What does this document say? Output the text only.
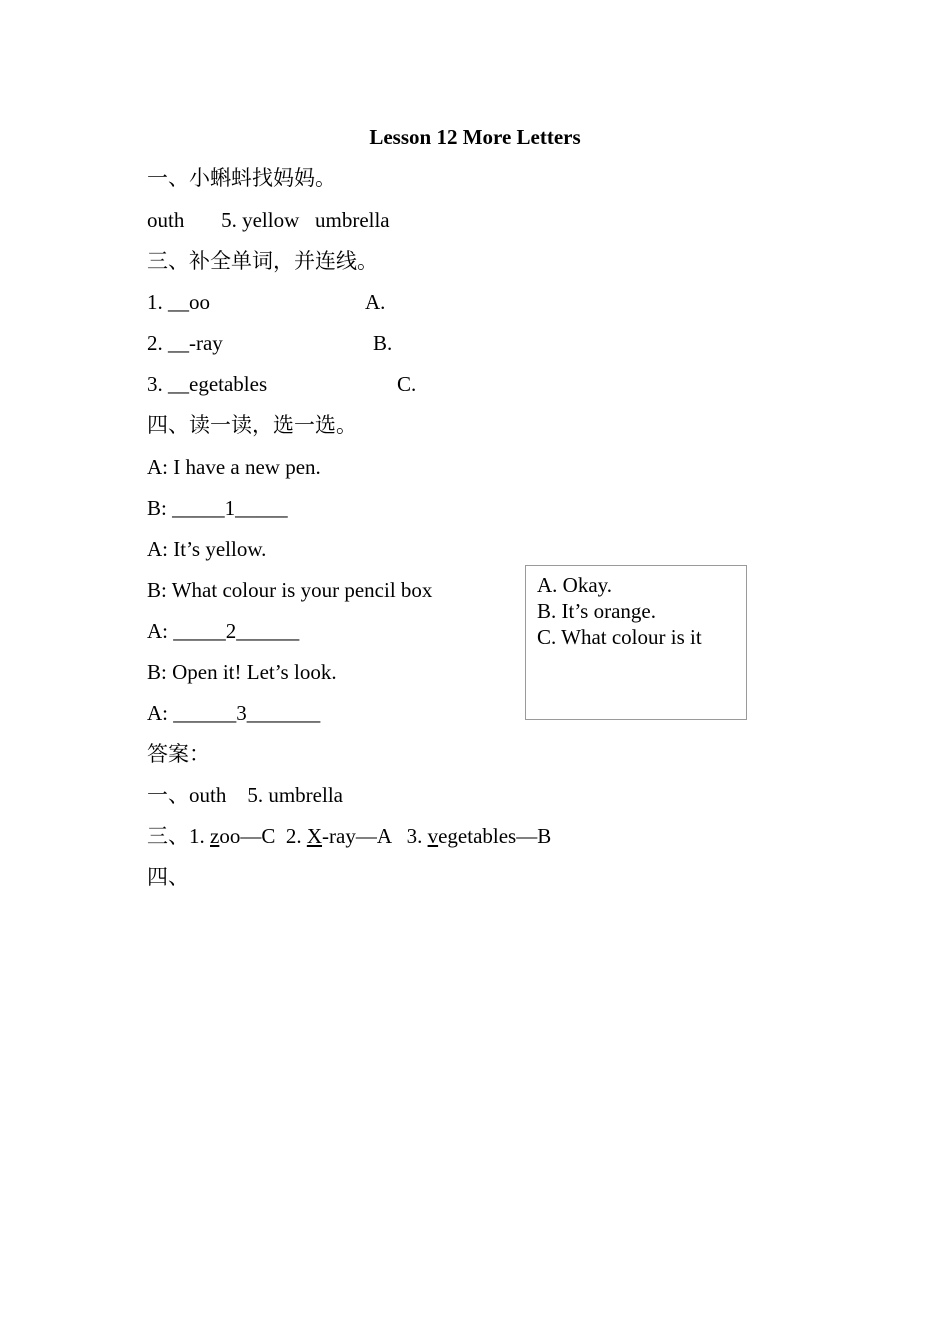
Lesson 12 More Letters
一、小蝌蚪找妈妈。
outh       5. yellow   umbrella
三、补全单词，并连线。
1. __oo	A.
2. __-ray	B.
3. __egetables	C.
四、读一读，选一选。
A: I have a new pen.
B: _____1_____
A: It’s yellow.
B: What colour is your pencil box
A: _____2______
B: Open it! Let’s look.
A: ______3_______
A. Okay.
B. It’s orange.
C. What colour is it
答案：
一、outh    5. umbrella
三、1. zoo—C  2. X-ray—A   3. vegetables—B
四、
